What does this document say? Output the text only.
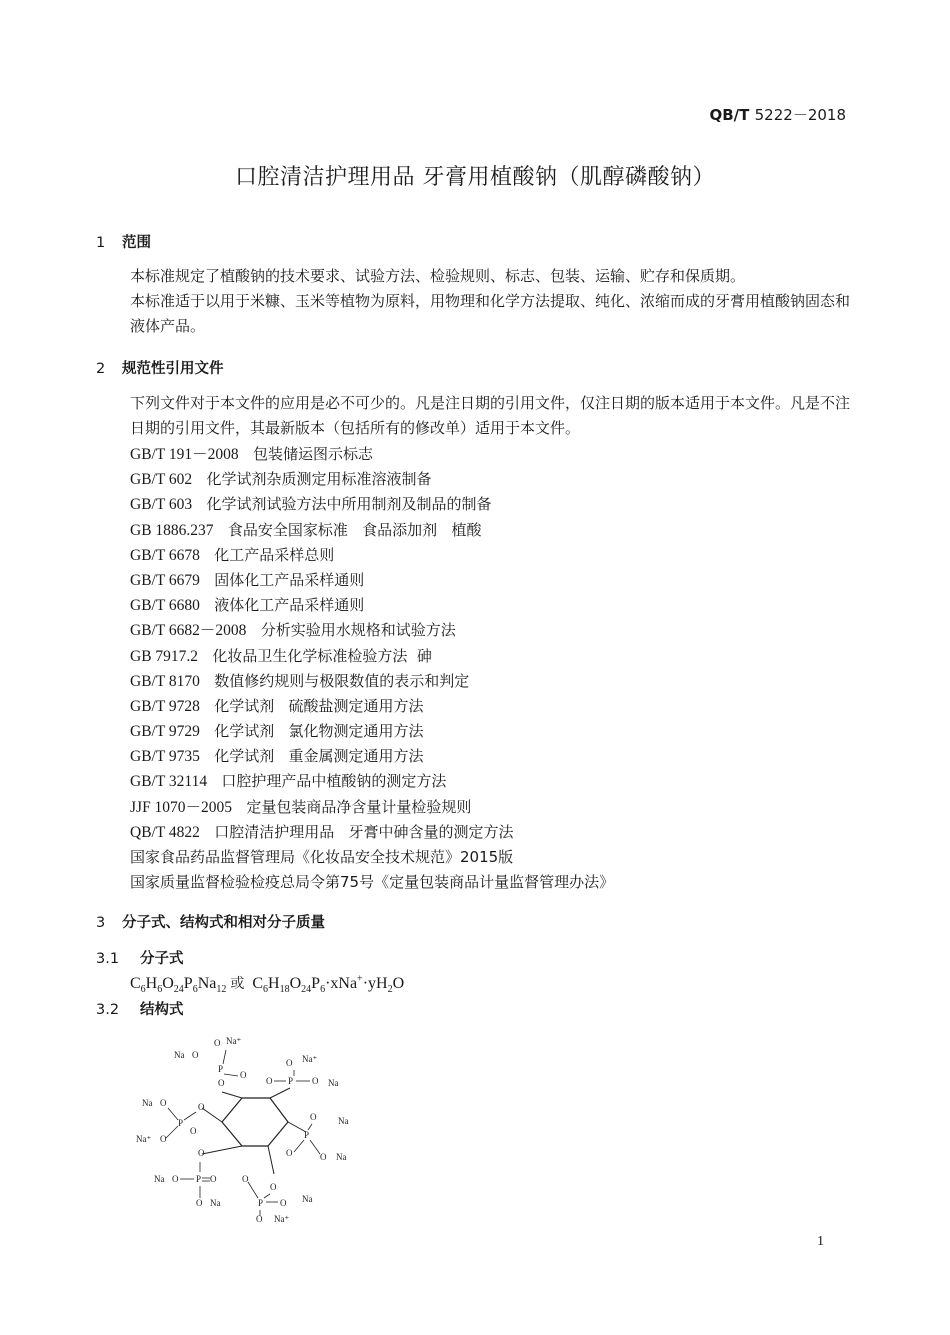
QB/T 5222－2018
口腔清洁护理用品 牙膏用植酸钠（肌醇磷酸钠）
1 范围
本标准规定了植酸钠的技术要求、试验方法、检验规则、标志、包装、运输、贮存和保质期。
本标准适于以用于米糠、玉米等植物为原料，用物理和化学方法提取、纯化、浓缩而成的牙膏用植酸钠固态和液体产品。
2 规范性引用文件
下列文件对于本文件的应用是必不可少的。凡是注日期的引用文件，仅注日期的版本适用于本文件。凡是不注日期的引用文件，其最新版本（包括所有的修改单）适用于本文件。
GB/T 191－2008 包装储运图示标志
GB/T 602 化学试剂杂质测定用标准溶液制备
GB/T 603 化学试剂试验方法中所用制剂及制品的制备
GB 1886.237 食品安全国家标准   食品添加剂   植酸
GB/T 6678 化工产品采样总则
GB/T 6679 固体化工产品采样通则
GB/T 6680 液体化工产品采样通则
GB/T 6682－2008 分析实验用水规格和试验方法
GB 7917.2 化妆品卫生化学标准检验方法  砷
GB/T 8170 数值修约规则与极限数值的表示和判定
GB/T 9728 化学试剂   硫酸盐测定通用方法
GB/T 9729 化学试剂   氯化物测定通用方法
GB/T 9735 化学试剂   重金属测定通用方法
GB/T 32114 口腔护理产品中植酸钠的测定方法
JJF 1070－2005 定量包装商品净含量计量检验规则
QB/T 4822 口腔清洁护理用品   牙膏中砷含量的测定方法
国家食品药品监督管理局《化妆品安全技术规范》2015版
国家质量监督检验检疫总局令第75号《定量包装商品计量监督管理办法》
3 分子式、结构式和相对分子质量
3.1 分子式
$C_6H_6O_{24}P_6Na_{12}$ 或  $C_6H_{18}O_{24}P_6\cdot xNa^+\cdot yH_2O$
3.2 结构式
Na O
O Na⁺
P
O
O
O Na⁺
O P O Na
Na O
P
O
O
Na⁺ O
O Na
P
O	O Na
O
Na O P O
O Na
O
O
P O Na
O Na⁺
1
